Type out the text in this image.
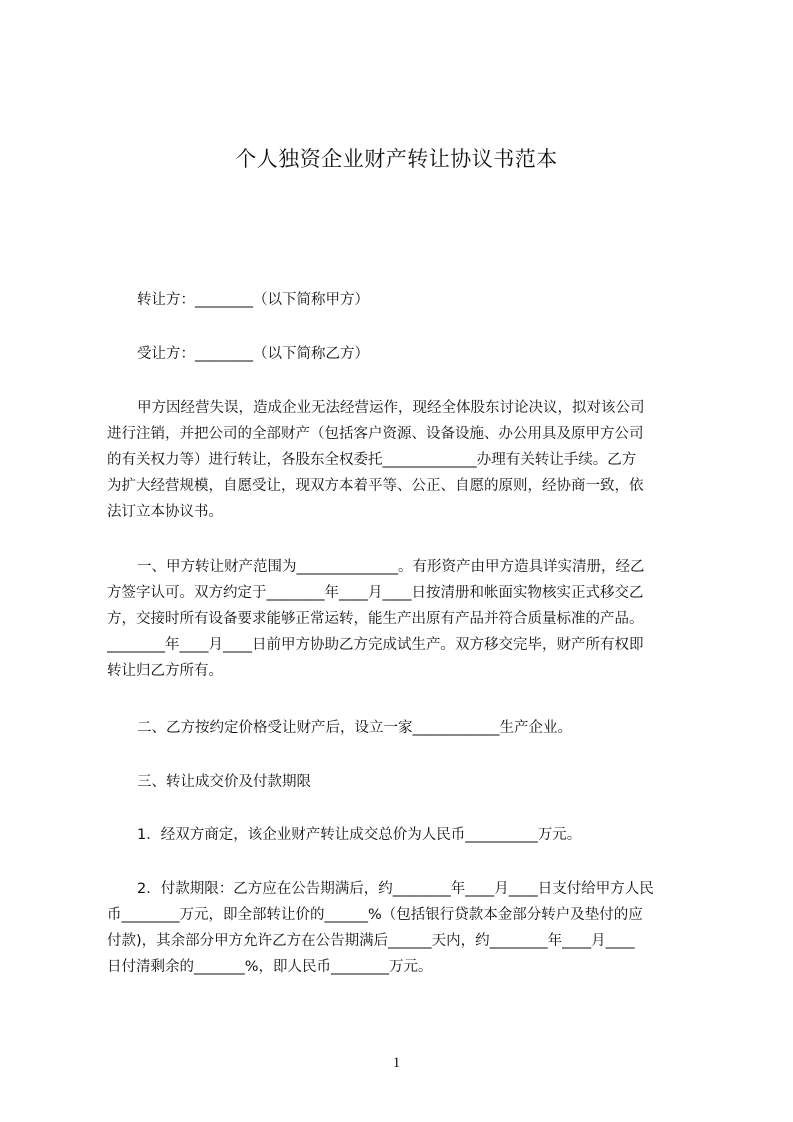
个人独资企业财产转让协议书范本
转让方：________（以下简称甲方）
受让方：________（以下简称乙方）
甲方因经营失误，造成企业无法经营运作，现经全体股东讨论决议，拟对该公司
进行注销，并把公司的全部财产（包括客户资源、设备设施、办公用具及原甲方公司
的有关权力等）进行转让，各股东全权委托_____________办理有关转让手续。乙方
为扩大经营规模，自愿受让，现双方本着平等、公正、自愿的原则，经协商一致，依
法订立本协议书。
一、甲方转让财产范围为______________。有形资产由甲方造具详实清册，经乙
方签字认可。双方约定于________年____月____日按清册和帐面实物核实正式移交乙
方，交接时所有设备要求能够正常运转，能生产出原有产品并符合质量标准的产品。
________年____月____日前甲方协助乙方完成试生产。双方移交完毕，财产所有权即
转让归乙方所有。
二、乙方按约定价格受让财产后，设立一家____________生产企业。
三、转让成交价及付款期限
1．经双方商定，该企业财产转让成交总价为人民币__________万元。
2．付款期限：乙方应在公告期满后，约________年____月____日支付给甲方人民
币________万元，即全部转让价的______%（包括银行贷款本金部分转户及垫付的应
付款)，其余部分甲方允许乙方在公告期满后______天内，约________年____月____
日付清剩余的_______%，即人民币________万元。
1
